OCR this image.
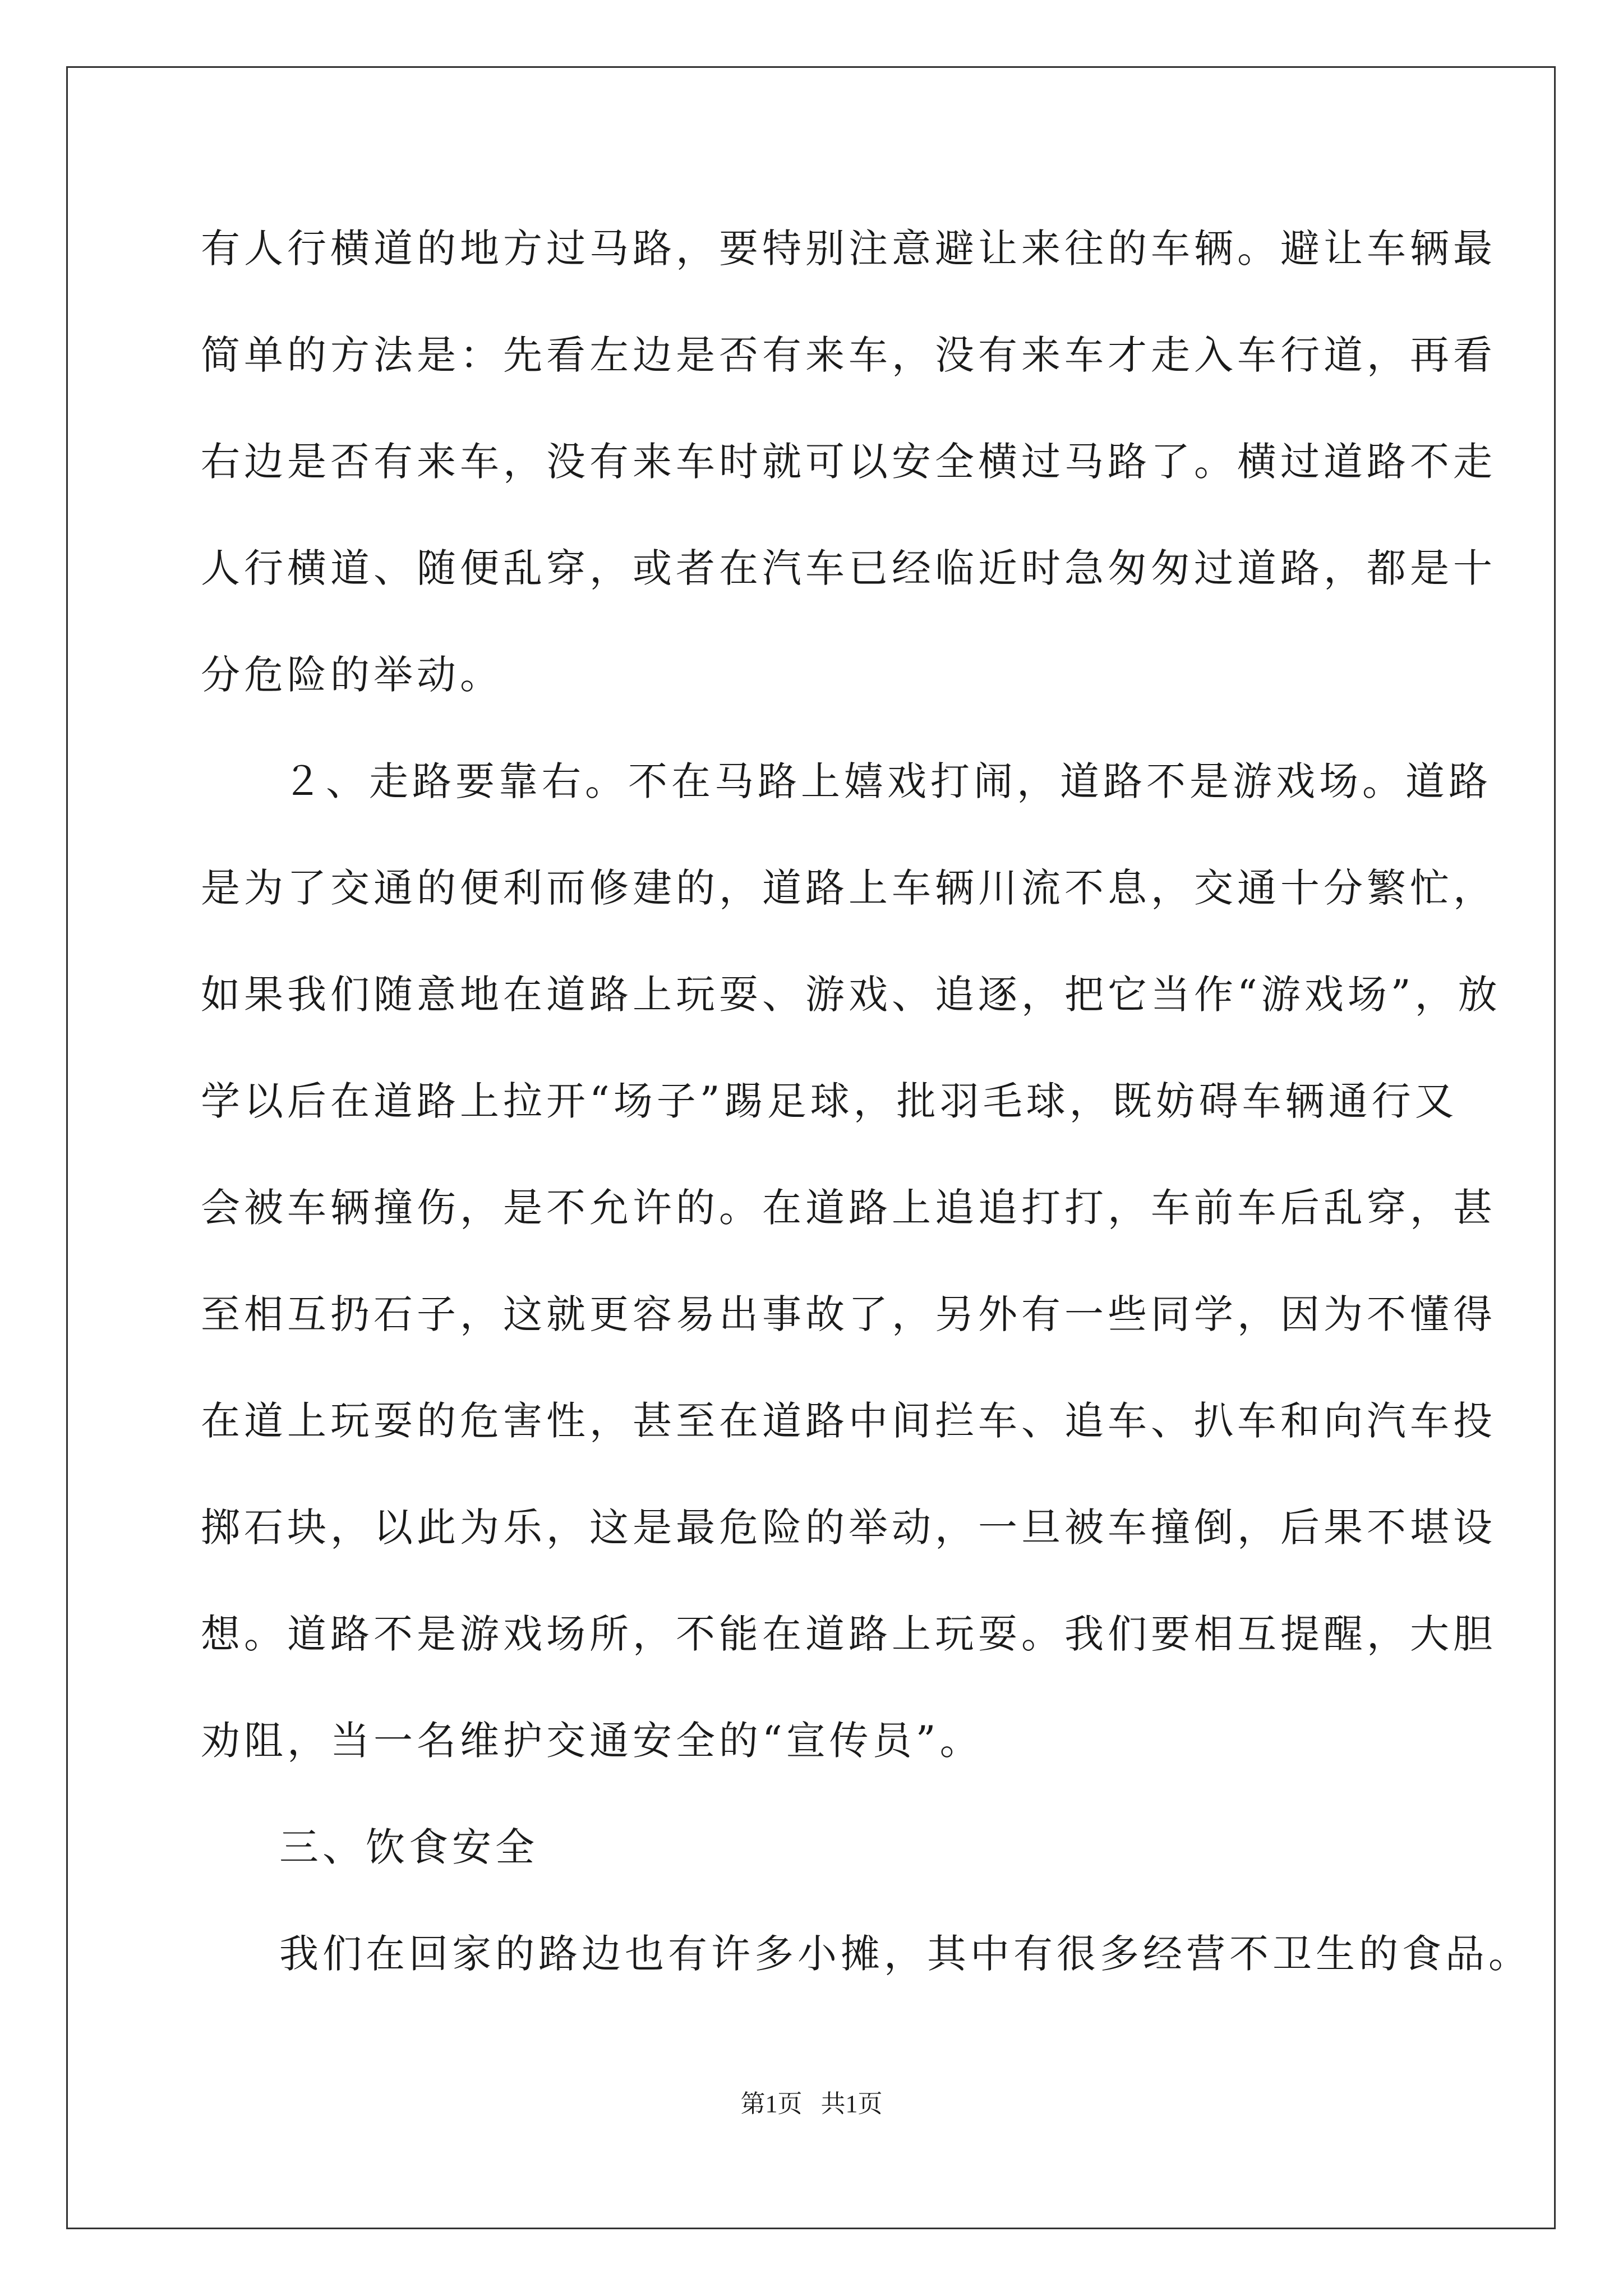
有人行横道的地方过马路，要特别注意避让来往的车辆。避让车辆最
简单的方法是：先看左边是否有来车，没有来车才走入车行道，再看
右边是否有来车，没有来车时就可以安全横过马路了。横过道路不走
人行横道、随便乱穿，或者在汽车已经临近时急匆匆过道路，都是十
分危险的举动。
２、走路要靠右。不在马路上嬉戏打闹，道路不是游戏场。道路
是为了交通的便利而修建的，道路上车辆川流不息，交通十分繁忙，
如果我们随意地在道路上玩耍、游戏、追逐，把它当作“游戏场”，放
学以后在道路上拉开“场子”踢足球，批羽毛球，既妨碍车辆通行又
会被车辆撞伤，是不允许的。在道路上追追打打，车前车后乱穿，甚
至相互扔石子，这就更容易出事故了，另外有一些同学，因为不懂得
在道上玩耍的危害性，甚至在道路中间拦车、追车、扒车和向汽车投
掷石块，以此为乐，这是最危险的举动，一旦被车撞倒，后果不堪设
想。道路不是游戏场所，不能在道路上玩耍。我们要相互提醒，大胆
劝阻，当一名维护交通安全的“宣传员”。
三、饮食安全
我们在回家的路边也有许多小摊，其中有很多经营不卫生的食品。
第1页   共1页
